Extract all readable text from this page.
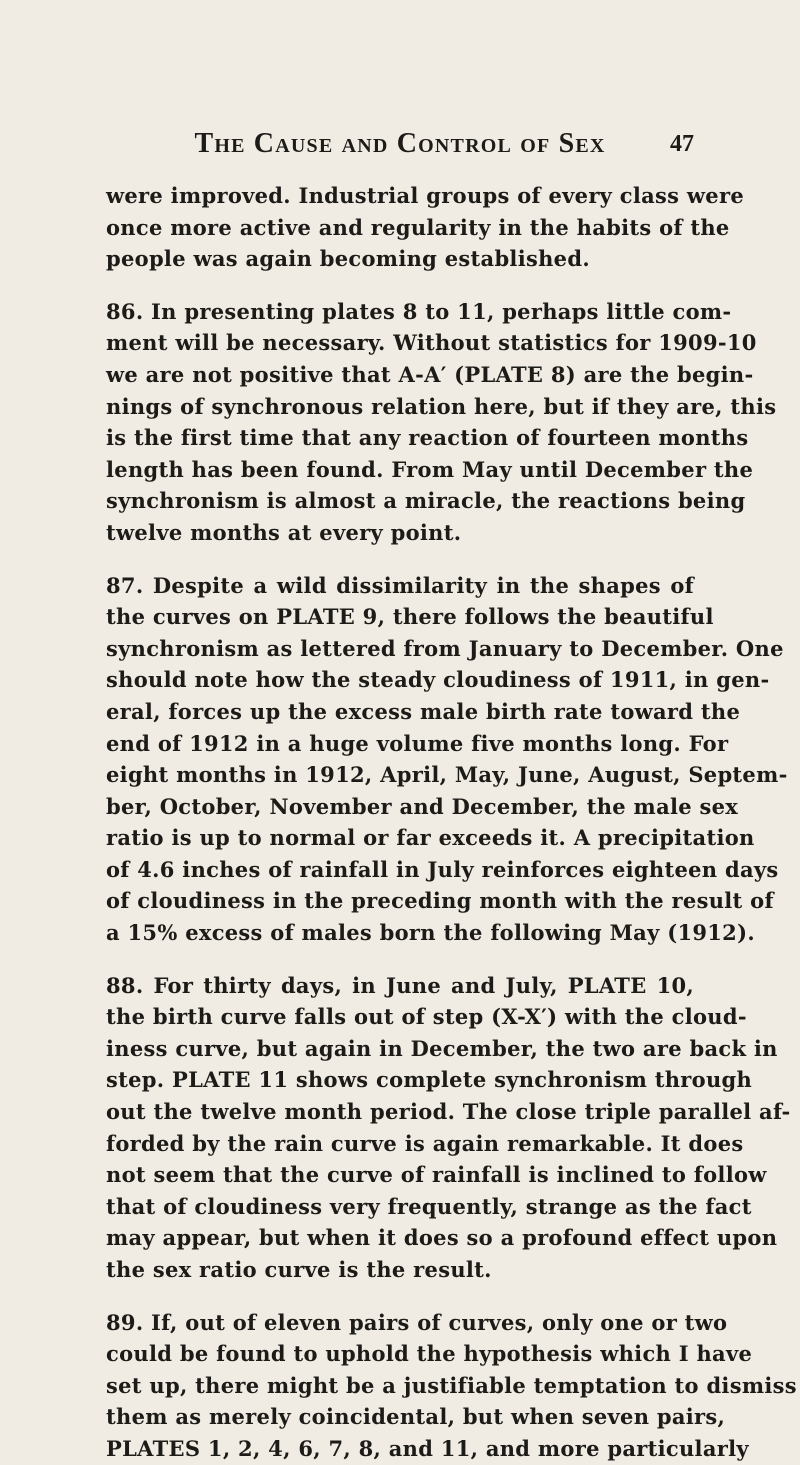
The Cause and Control of Sex	47
were improved. Industrial groups of every class were
once more active and regularity in the habits of the
people was again becoming established.
86. In presenting plates 8 to 11, perhaps little com-
ment will be necessary. Without statistics for 1909-10
we are not positive that A-A′ (PLATE 8) are the begin-
nings of synchronous relation here, but if they are, this
is the first time that any reaction of fourteen months
length has been found. From May until December the
synchronism is almost a miracle, the reactions being
twelve months at every point.
87. Despite a wild dissimilarity in the shapes of
the curves on PLATE 9, there follows the beautiful
synchronism as lettered from January to December. One
should note how the steady cloudiness of 1911, in gen-
eral, forces up the excess male birth rate toward the
end of 1912 in a huge volume five months long. For
eight months in 1912, April, May, June, August, Septem-
ber, October, November and December, the male sex
ratio is up to normal or far exceeds it. A precipitation
of 4.6 inches of rainfall in July reinforces eighteen days
of cloudiness in the preceding month with the result of
a 15% excess of males born the following May (1912).
88. For thirty days, in June and July, PLATE 10,
the birth curve falls out of step (X-X′) with the cloud-
iness curve, but again in December, the two are back in
step. PLATE 11 shows complete synchronism through
out the twelve month period. The close triple parallel af-
forded by the rain curve is again remarkable. It does
not seem that the curve of rainfall is inclined to follow
that of cloudiness very frequently, strange as the fact
may appear, but when it does so a profound effect upon
the sex ratio curve is the result.
89. If, out of eleven pairs of curves, only one or two
could be found to uphold the hypothesis which I have
set up, there might be a justifiable temptation to dismiss
them as merely coincidental, but when seven pairs,
PLATES 1, 2, 4, 6, 7, 8, and 11, and more particularly
